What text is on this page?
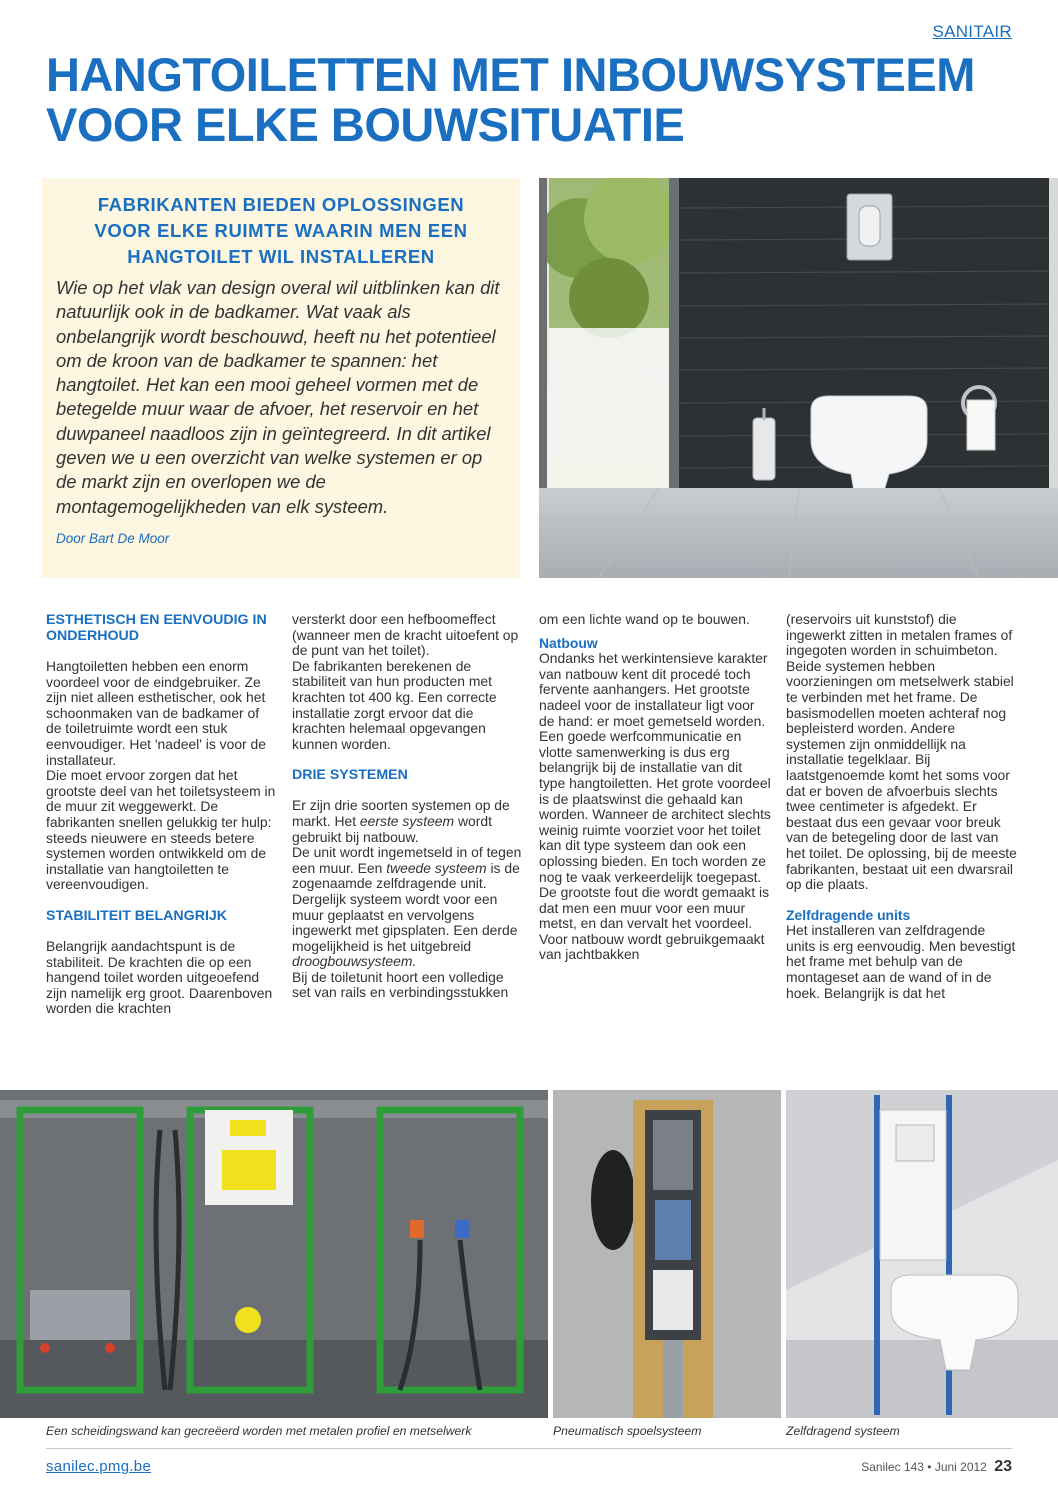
SANITAIR
HANGTOILETTEN MET INBOUWSYSTEEM
VOOR ELKE BOUWSITUATIE
FABRIKANTEN BIEDEN OPLOSSINGEN
VOOR ELKE RUIMTE WAARIN MEN EEN
HANGTOILET WIL INSTALLEREN

Wie op het vlak van design overal wil uitblinken kan dit natuurlijk ook in de badkamer. Wat vaak als onbelangrijk wordt beschouwd, heeft nu het potentieel om de kroon van de badkamer te spannen: het hangtoilet. Het kan een mooi geheel vormen met de betegelde muur waar de afvoer, het reservoir en het duwpaneel naadloos zijn in geïntegreerd. In dit artikel geven we u een overzicht van welke systemen er op de markt zijn en overlopen we de montagemogelijkheden van elk systeem.

Door Bart De Moor

ESTHETISCH EN EENVOUDIG IN ONDERHOUD

Hangtoiletten hebben een enorm voordeel voor de eindgebruiker. Ze zijn niet alleen esthetischer, ook het schoonmaken van de badkamer of de toiletruimte wordt een stuk eenvoudiger. Het 'nadeel' is voor de installateur.

Die moet ervoor zorgen dat het grootste deel van het toiletsysteem in de muur zit weggewerkt. De fabrikanten snellen gelukkig ter hulp: steeds nieuwere en steeds betere systemen worden ontwikkeld om de installatie van hangtoiletten te vereenvoudigen.

STABILITEIT BELANGRIJK

Belangrijk aandachtspunt is de stabiliteit. De krachten die op een hangend toilet worden uitgeoefend zijn namelijk erg groot. Daarenboven worden die krachten

versterkt door een hefboomeffect (wanneer men de kracht uitoefent op de punt van het toilet).

De fabrikanten berekenen de stabiliteit van hun producten met krachten tot 400 kg. Een correcte installatie zorgt ervoor dat die krachten helemaal opgevangen kunnen worden.

DRIE SYSTEMEN

Er zijn drie soorten systemen op de markt. Het eerste systeem wordt gebruikt bij natbouw.

De unit wordt ingemetseld in of tegen een muur. Een tweede systeem is de zogenaamde zelfdragende unit.

Dergelijk systeem wordt voor een muur geplaatst en vervolgens ingewerkt met gipsplaten. Een derde mogelijkheid is het uitgebreid droogbouwsysteem.

Bij de toiletunit hoort een volledige set van rails en verbindingsstukken

om een lichte wand op te bouwen.

Natbouw

Ondanks het werkintensieve karakter van natbouw kent dit procedé toch fervente aanhangers. Het grootste nadeel voor de installateur ligt voor de hand: er moet gemetseld worden. Een goede werfcommunicatie en vlotte samenwerking is dus erg belangrijk bij de installatie van dit type hangtoiletten. Het grote voordeel is de plaatswinst die gehaald kan worden. Wanneer de architect slechts weinig ruimte voorziet voor het toilet kan dit type systeem dan ook een oplossing bieden. En toch worden ze nog te vaak verkeerdelijk toegepast. De grootste fout die wordt gemaakt is dat men een muur voor een muur metst, en dan vervalt het voordeel. Voor natbouw wordt gebruikgemaakt van jachtbakken

(reservoirs uit kunststof) die ingewerkt zitten in metalen frames of ingegoten worden in schuimbeton. Beide systemen hebben voorzieningen om metselwerk stabiel te verbinden met het frame. De basismodellen moeten achteraf nog bepleisterd worden. Andere systemen zijn onmiddellijk na installatie tegelklaar. Bij laatstgenoemde komt het soms voor dat er boven de afvoerbuis slechts twee centimeter is afgedekt. Er bestaat dus een gevaar voor breuk van de betegeling door de last van het toilet. De oplossing, bij de meeste fabrikanten, bestaat uit een dwarsrail op die plaats.

Zelfdragende units

Het installeren van zelfdragende units is erg eenvoudig. Men bevestigt het frame met behulp van de montageset aan de wand of in de hoek. Belangrijk is dat het

Een scheidingswand kan gecreëerd worden met metalen profiel en metselwerk	Pneumatisch spoelsysteem	Zelfdragend systeem
sanilec.pmg.be	Sanilec 143 • Juni 2012 23
